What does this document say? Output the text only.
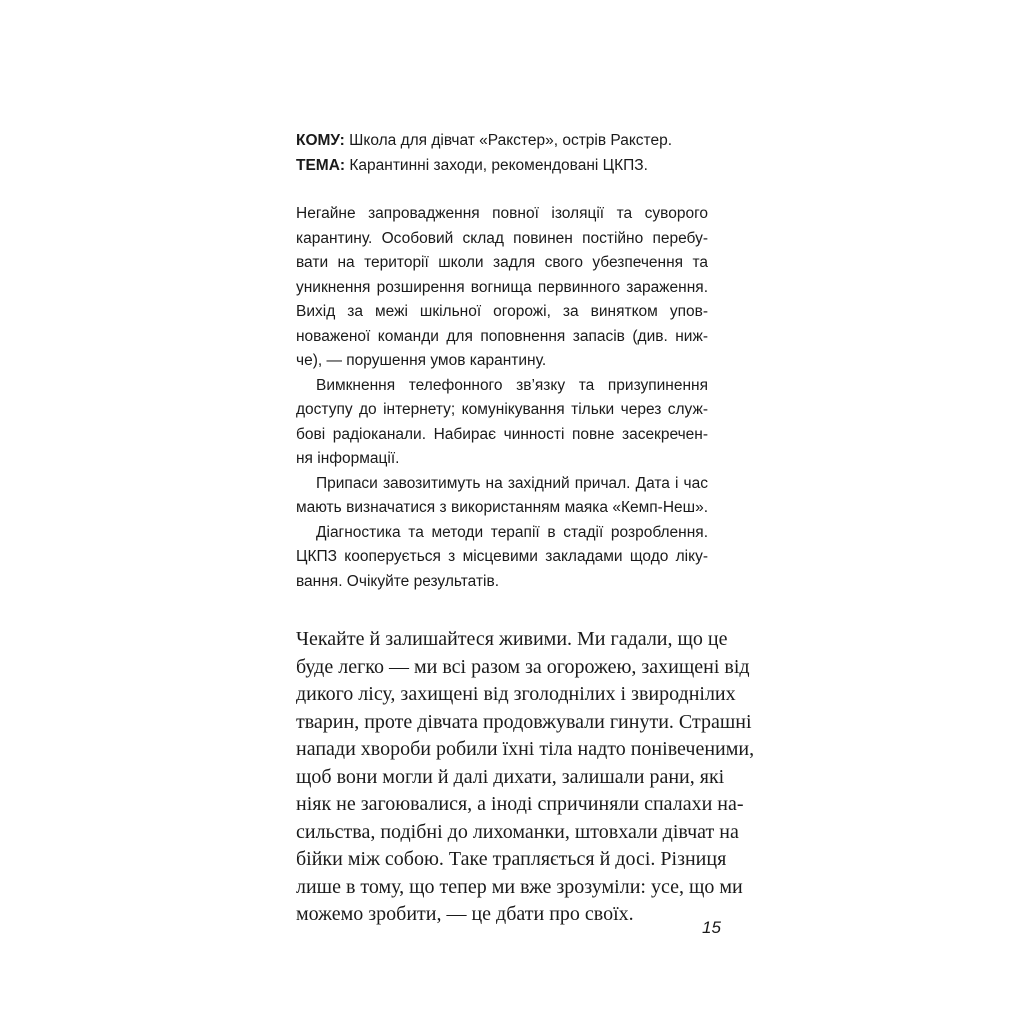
КОМУ: Школа для дівчат «Ракстер», острів Ракстер.
ТЕМА: Карантинні заходи, рекомендовані ЦКПЗ.
Негайне запровадження повної ізоляції та суворого
карантину. Особовий склад повинен постійно перебу-
вати на території школи задля свого убезпечення та
уникнення розширення вогнища первинного зараження.
Вихід за межі шкільної огорожі, за винятком упов-
новаженої команди для поповнення запасів (див. ниж-
че), — порушення умов карантину.
Вимкнення телефонного зв’язку та призупинення
доступу до інтернету; комунікування тільки через служ-
бові радіоканали. Набирає чинності повне засекречен-
ня інформації.
Припаси завозитимуть на західний причал. Дата і час
мають визначатися з використанням маяка «Кемп-Неш».
Діагностика та методи терапії в стадії розроблення.
ЦКПЗ кооперується з місцевими закладами щодо ліку-
вання. Очікуйте результатів.
Чекайте й залишайтеся живими. Ми гадали, що це
буде легко — ми всі разом за огорожею, захищені від
дикого лісу, захищені від зголоднілих і звироднілих
тварин, проте дівчата продовжували гинути. Страшні
напади хвороби робили їхні тіла надто понівеченими,
щоб вони могли й далі дихати, залишали рани, які
ніяк не загоювалися, а іноді спричиняли спалахи на-
сильства, подібні до лихоманки, штовхали дівчат на
бійки між собою. Таке трапляється й досі. Різниця
лише в тому, що тепер ми вже зрозуміли: усе, що ми
можемо зробити, — це дбати про своїх.
15
